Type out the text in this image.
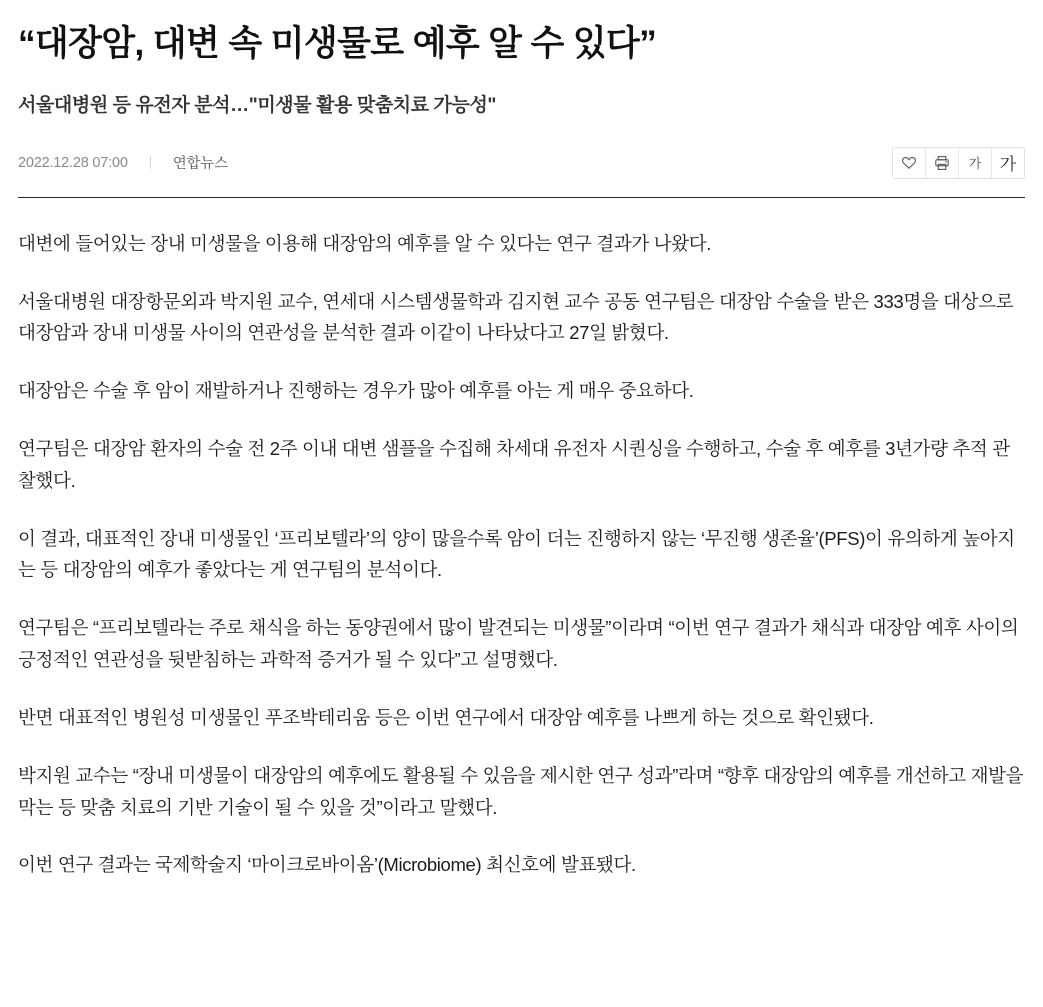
“대장암, 대변 속 미생물로 예후 알 수 있다”
서울대병원 등 유전자 분석…"미생물 활용 맞춤치료 가능성"
2022.12.28 07:00	연합뉴스	가 가

대변에 들어있는 장내 미생물을 이용해 대장암의 예후를 알 수 있다는 연구 결과가 나왔다.

서울대병원 대장항문외과 박지원 교수, 연세대 시스템생물학과 김지현 교수 공동 연구팀은 대장암 수술을 받은 333명을 대상으로 대장암과 장내 미생물 사이의 연관성을 분석한 결과 이같이 나타났다고 27일 밝혔다.

대장암은 수술 후 암이 재발하거나 진행하는 경우가 많아 예후를 아는 게 매우 중요하다.

연구팀은 대장암 환자의 수술 전 2주 이내 대변 샘플을 수집해 차세대 유전자 시퀀싱을 수행하고, 수술 후 예후를 3년가량 추적 관찰했다.

이 결과, 대표적인 장내 미생물인 ‘프리보텔라’의 양이 많을수록 암이 더는 진행하지 않는 ‘무진행 생존율’(PFS)이 유의하게 높아지는 등 대장암의 예후가 좋았다는 게 연구팀의 분석이다.

연구팀은 “프리보텔라는 주로 채식을 하는 동양권에서 많이 발견되는 미생물”이라며 “이번 연구 결과가 채식과 대장암 예후 사이의 긍정적인 연관성을 뒷받침하는 과학적 증거가 될 수 있다”고 설명했다.

반면 대표적인 병원성 미생물인 푸조박테리움 등은 이번 연구에서 대장암 예후를 나쁘게 하는 것으로 확인됐다.

박지원 교수는 “장내 미생물이 대장암의 예후에도 활용될 수 있음을 제시한 연구 성과”라며 “향후 대장암의 예후를 개선하고 재발을 막는 등 맞춤 치료의 기반 기술이 될 수 있을 것”이라고 말했다.

이번 연구 결과는 국제학술지 ‘마이크로바이옴’(Microbiome) 최신호에 발표됐다.
